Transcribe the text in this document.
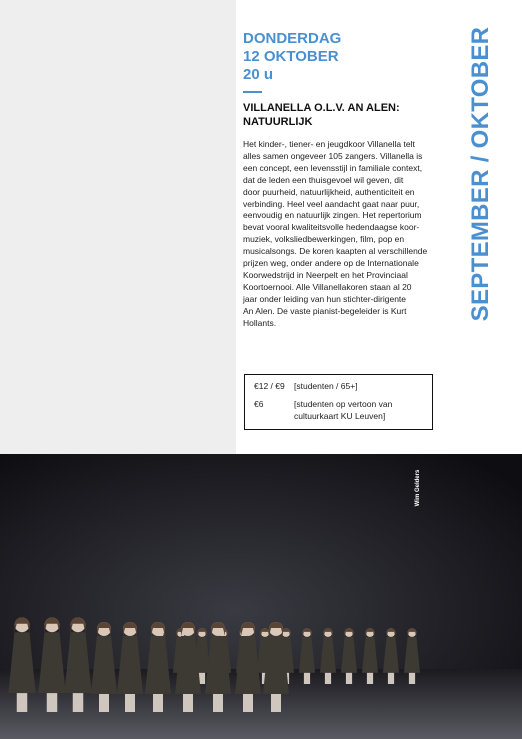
DONDERDAG
12 OKTOBER
20 u
VILLANELLA O.L.V. AN ALEN:
NATUURLIJK

Het kinder-, tiener- en jeugdkoor Villanella telt

alles samen ongeveer 105 zangers. Villanella is

een concept, een levensstijl in familiale context,

dat de leden een thuisgevoel wil geven, dit

door puurheid, natuurlijkheid, authenticiteit en

verbinding. Heel veel aandacht gaat naar puur,

eenvoudig en natuurlijk zingen. Het repertorium

bevat vooral kwaliteitsvolle hedendaagse koor-

muziek, volksliedbewerkingen, film, pop en

musicalsongs. De koren kaapten al verschillende

prijzen weg, onder andere op de Internationale

Koorwedstrijd in Neerpelt en het Provinciaal

Koortoernooi. Alle Villanellakoren staan al 20

jaar onder leiding van hun stichter-dirigente

An Alen. De vaste pianist-begeleider is Kurt

Hollants.

€12 / €9	[studenten / 65+]
€6	[studenten op vertoon van
cultuurkaart KU Leuven]
SEPTEMBER / OKTOBER
Wim Gelders
